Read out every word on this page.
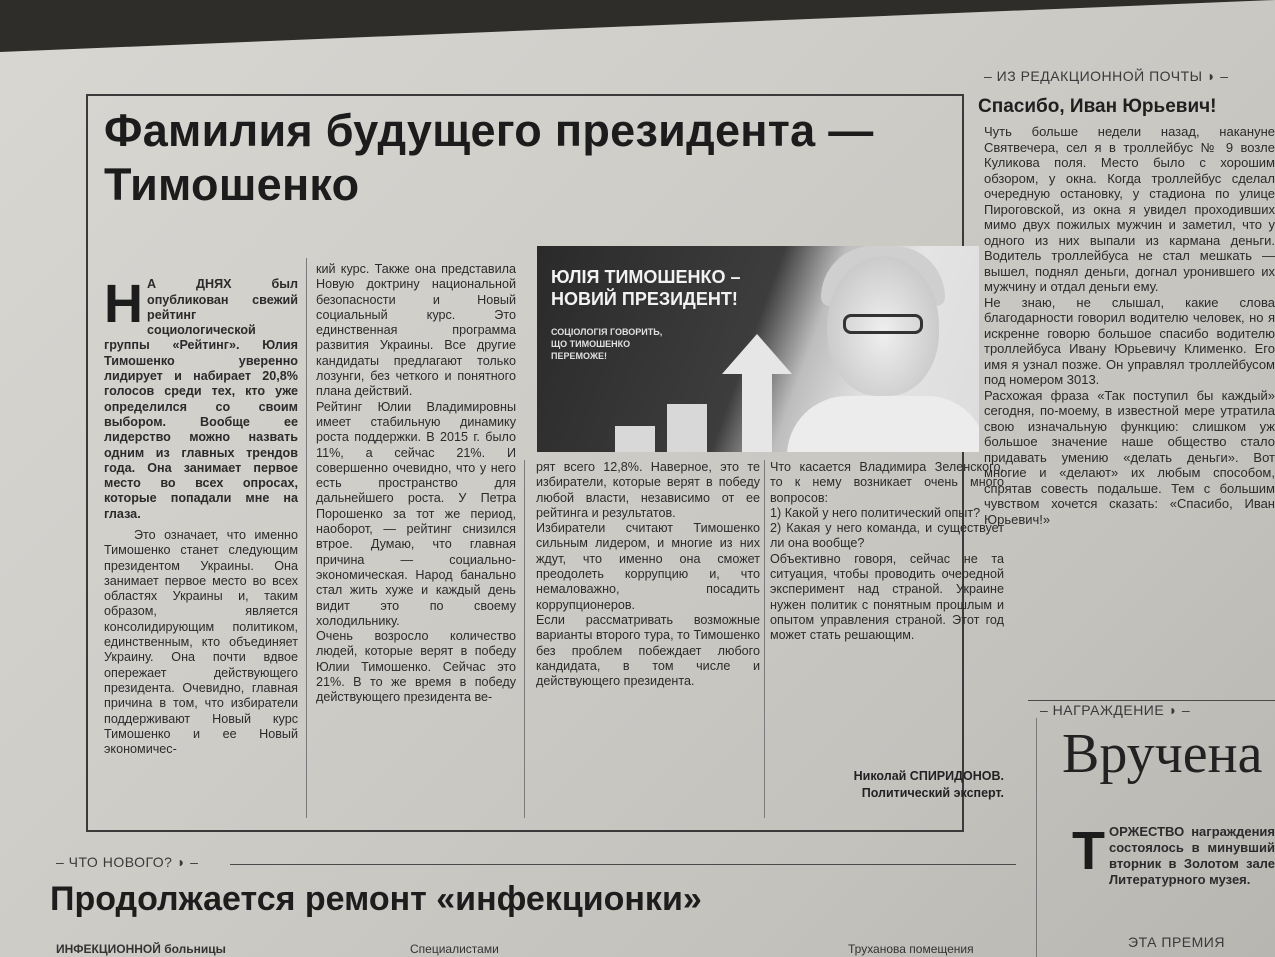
Фамилия будущего президента —
Тимошенко

Н А ДНЯХ был опубликован свежий рейтинг социологической группы «Рейтинг». Юлия Тимошенко уверенно лидирует и набирает 20,8% голосов среди тех, кто уже определился со своим выбором. Вообще ее лидерство можно назвать одним из главных трендов года. Она занимает первое место во всех опросах, которые попадали мне на глаза.

Это означает, что именно Тимошенко станет следующим президентом Украины. Она занимает первое место во всех областях Украины и, таким образом, является консолидирующим политиком, единственным, кто объединяет Украину. Она почти вдвое опережает действующего президента. Очевидно, главная причина в том, что избиратели поддерживают Новый курс Тимошенко и ее Новый экономичес-
кий курс. Также она представила Новую доктрину национальной безопасности и Новый социальный курс. Это единственная программа развития Украины. Все другие кандидаты предлагают только лозунги, без четкого и понятного плана действий.
Рейтинг Юлии Владимировны имеет стабильную динамику роста поддержки. В 2015 г. было 11%, а сейчас 21%. И совершенно очевидно, что у него есть пространство для дальнейшего роста. У Петра Порошенко за тот же период, наоборот, — рейтинг снизился втрое. Думаю, что главная причина — социально-экономическая. Народ банально стал жить хуже и каждый день видит это по своему холодильнику.
Очень возросло количество людей, которые верят в победу Юлии Тимошенко. Сейчас это 21%. В то же время в победу действующего президента ве-
ЮЛІЯ ТИМОШЕНКО –
НОВИЙ ПРЕЗИДЕНТ!
СОЦІОЛОГІЯ ГОВОРИТЬ,
ЩО ТИМОШЕНКО
ПЕРЕМОЖЕ!
рят всего 12,8%. Наверное, это те избиратели, которые верят в победу любой власти, независимо от ее рейтинга и результатов.
Избиратели считают Тимошенко сильным лидером, и многие из них ждут, что именно она сможет преодолеть коррупцию и, что немаловажно, посадить коррупционеров.
Если рассматривать возможные варианты второго тура, то Тимошенко без проблем побеждает любого кандидата, в том числе и действующего президента.
Что касается Владимира Зеленского, то к нему возникает очень много вопросов:
1) Какой у него политический опыт?
2) Какая у него команда, и существует ли она вообще?
Объективно говоря, сейчас не та ситуация, чтобы проводить очередной эксперимент над страной. Украине нужен политик с понятным прошлым и опытом управления страной. Этот год может стать решающим.
Николай СПИРИДОНОВ.
Политический эксперт.
– ИЗ РЕДАКЦИОННОЙ ПОЧТЫ ◗ –
Спасибо, Иван Юрьевич!
Чуть больше недели назад, накануне Святвечера, сел я в троллейбус № 9 возле Куликова поля. Место было с хорошим обзором, у окна. Когда троллейбус сделал очередную остановку, у стадиона по улице Пироговской, из окна я увидел проходивших мимо двух пожилых мужчин и заметил, что у одного из них выпали из кармана деньги. Водитель троллейбуса не стал мешкать — вышел, поднял деньги, догнал уронившего их мужчину и отдал деньги ему.
Не знаю, не слышал, какие слова благодарности говорил водителю человек, но я искренне говорю большое спасибо водителю троллейбуса Ивану Юрьевичу Клименко. Его имя я узнал позже. Он управлял троллейбусом под номером 3013.
Расхожая фраза «Так поступил бы каждый» сегодня, по-моему, в известной мере утратила свою изначальную функцию: слишком уж большое значение наше общество стало придавать умению «делать деньги». Вот многие и «делают» их любым способом, спрятав совесть подальше. Тем с большим чувством хочется сказать: «Спасибо, Иван Юрьевич!»
– НАГРАЖДЕНИЕ ◗ –
Вручена

ТОРЖЕСТВО награждения состоялось в минувший вторник в Золотом зале Литературного музея.

ЭТА ПРЕМИЯ
– ЧТО НОВОГО? ◗ –
Продолжается ремонт «инфекционки»
ИНФЕКЦИОННОЙ больницы	Специалистами	Труханова помещения
